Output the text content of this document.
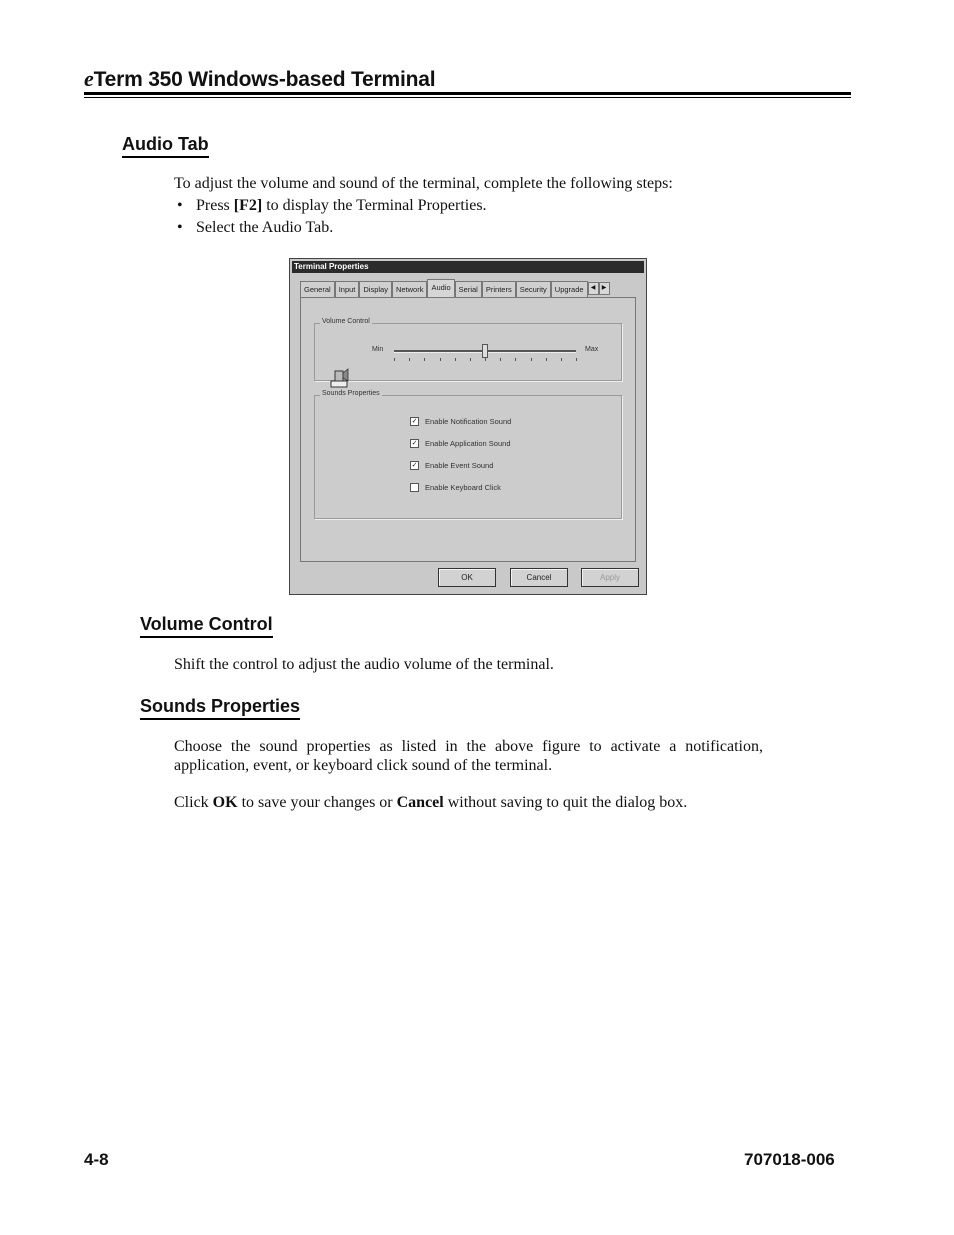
eTerm 350 Windows-based Terminal
Audio Tab
To adjust the volume and sound of the terminal, complete the following steps:
• Press [F2] to display the Terminal Properties.
• Select the Audio Tab.
Terminal Properties
General	Input	Display	Network	Audio	Serial	Printers	Security	Upgrade	◀	▶
Volume Control
Min	Max
Sounds Properties
✓ Enable Notification Sound
✓ Enable Application Sound
✓ Enable Event Sound
Enable Keyboard Click
OK	Cancel	Apply
Volume Control
Shift the control to adjust the audio volume of the terminal.
Sounds Properties
Choose the sound properties as listed in the above figure to activate a notification, application, event, or keyboard click sound of the terminal.
Click OK to save your changes or Cancel without saving to quit the dialog box.
4-8	707018-006
